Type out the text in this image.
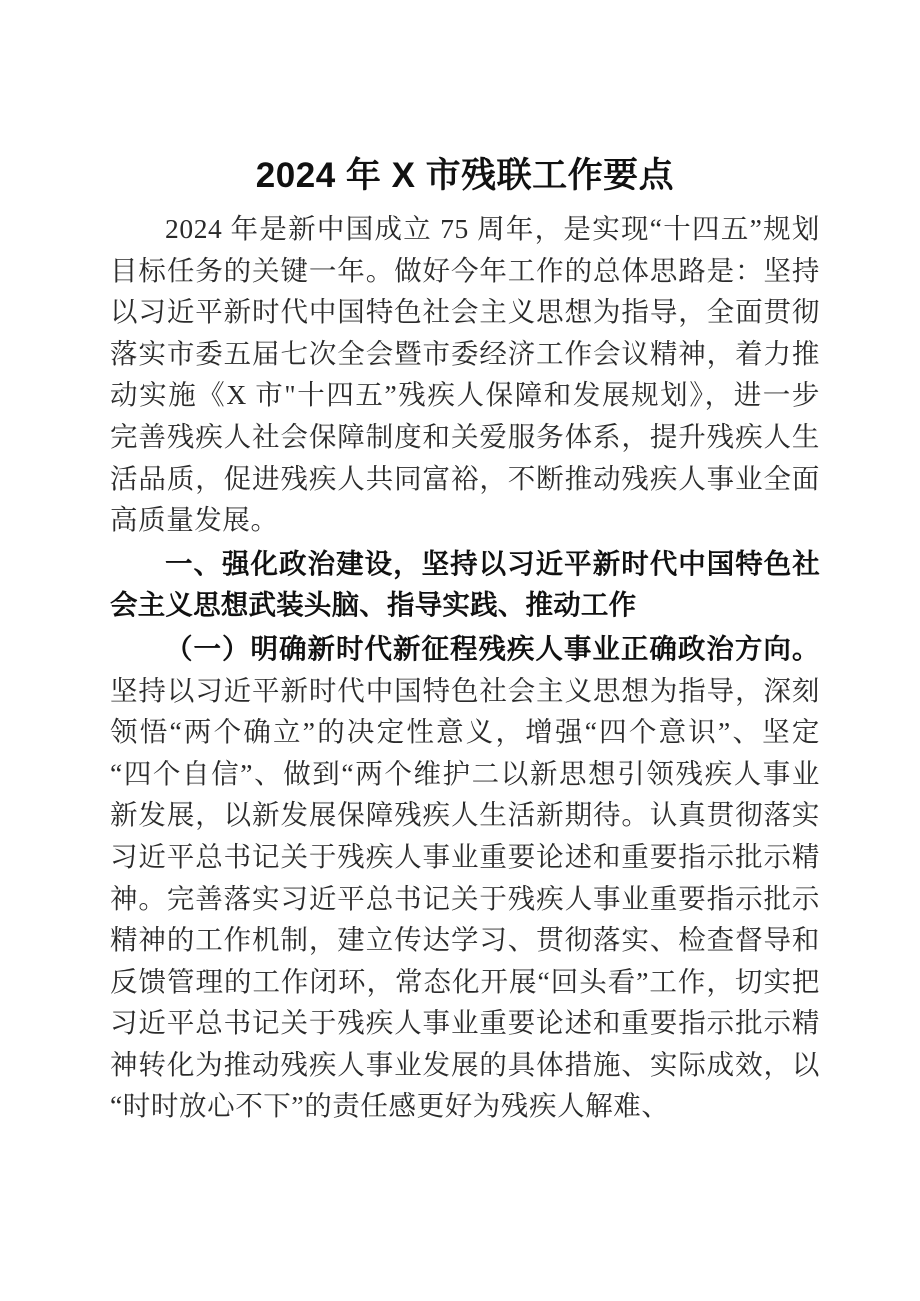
2024 年 X 市残联工作要点

2024 年是新中国成立 75 周年，是实现“十四五”规划目标任务的关键一年。做好今年工作的总体思路是：坚持以习近平新时代中国特色社会主义思想为指导，全面贯彻落实市委五届七次全会暨市委经济工作会议精神，着力推动实施《X 市"十四五”残疾人保障和发展规划》，进一步完善残疾人社会保障制度和关爱服务体系，提升残疾人生活品质，促进残疾人共同富裕，不断推动残疾人事业全面高质量发展。

一、强化政治建设，坚持以习近平新时代中国特色社会主义思想武装头脑、指导实践、推动工作

（一）明确新时代新征程残疾人事业正确政治方向。坚持以习近平新时代中国特色社会主义思想为指导，深刻领悟“两个确立”的决定性意义，增强“四个意识”、坚定“四个自信”、做到“两个维护二以新思想引领残疾人事业新发展，以新发展保障残疾人生活新期待。认真贯彻落实习近平总书记关于残疾人事业重要论述和重要指示批示精神。完善落实习近平总书记关于残疾人事业重要指示批示精神的工作机制，建立传达学习、贯彻落实、检查督导和反馈管理的工作闭环，常态化开展“回头看”工作，切实把习近平总书记关于残疾人事业重要论述和重要指示批示精神转化为推动残疾人事业发展的具体措施、实际成效，以“时时放心不下”的责任感更好为残疾人解难、
